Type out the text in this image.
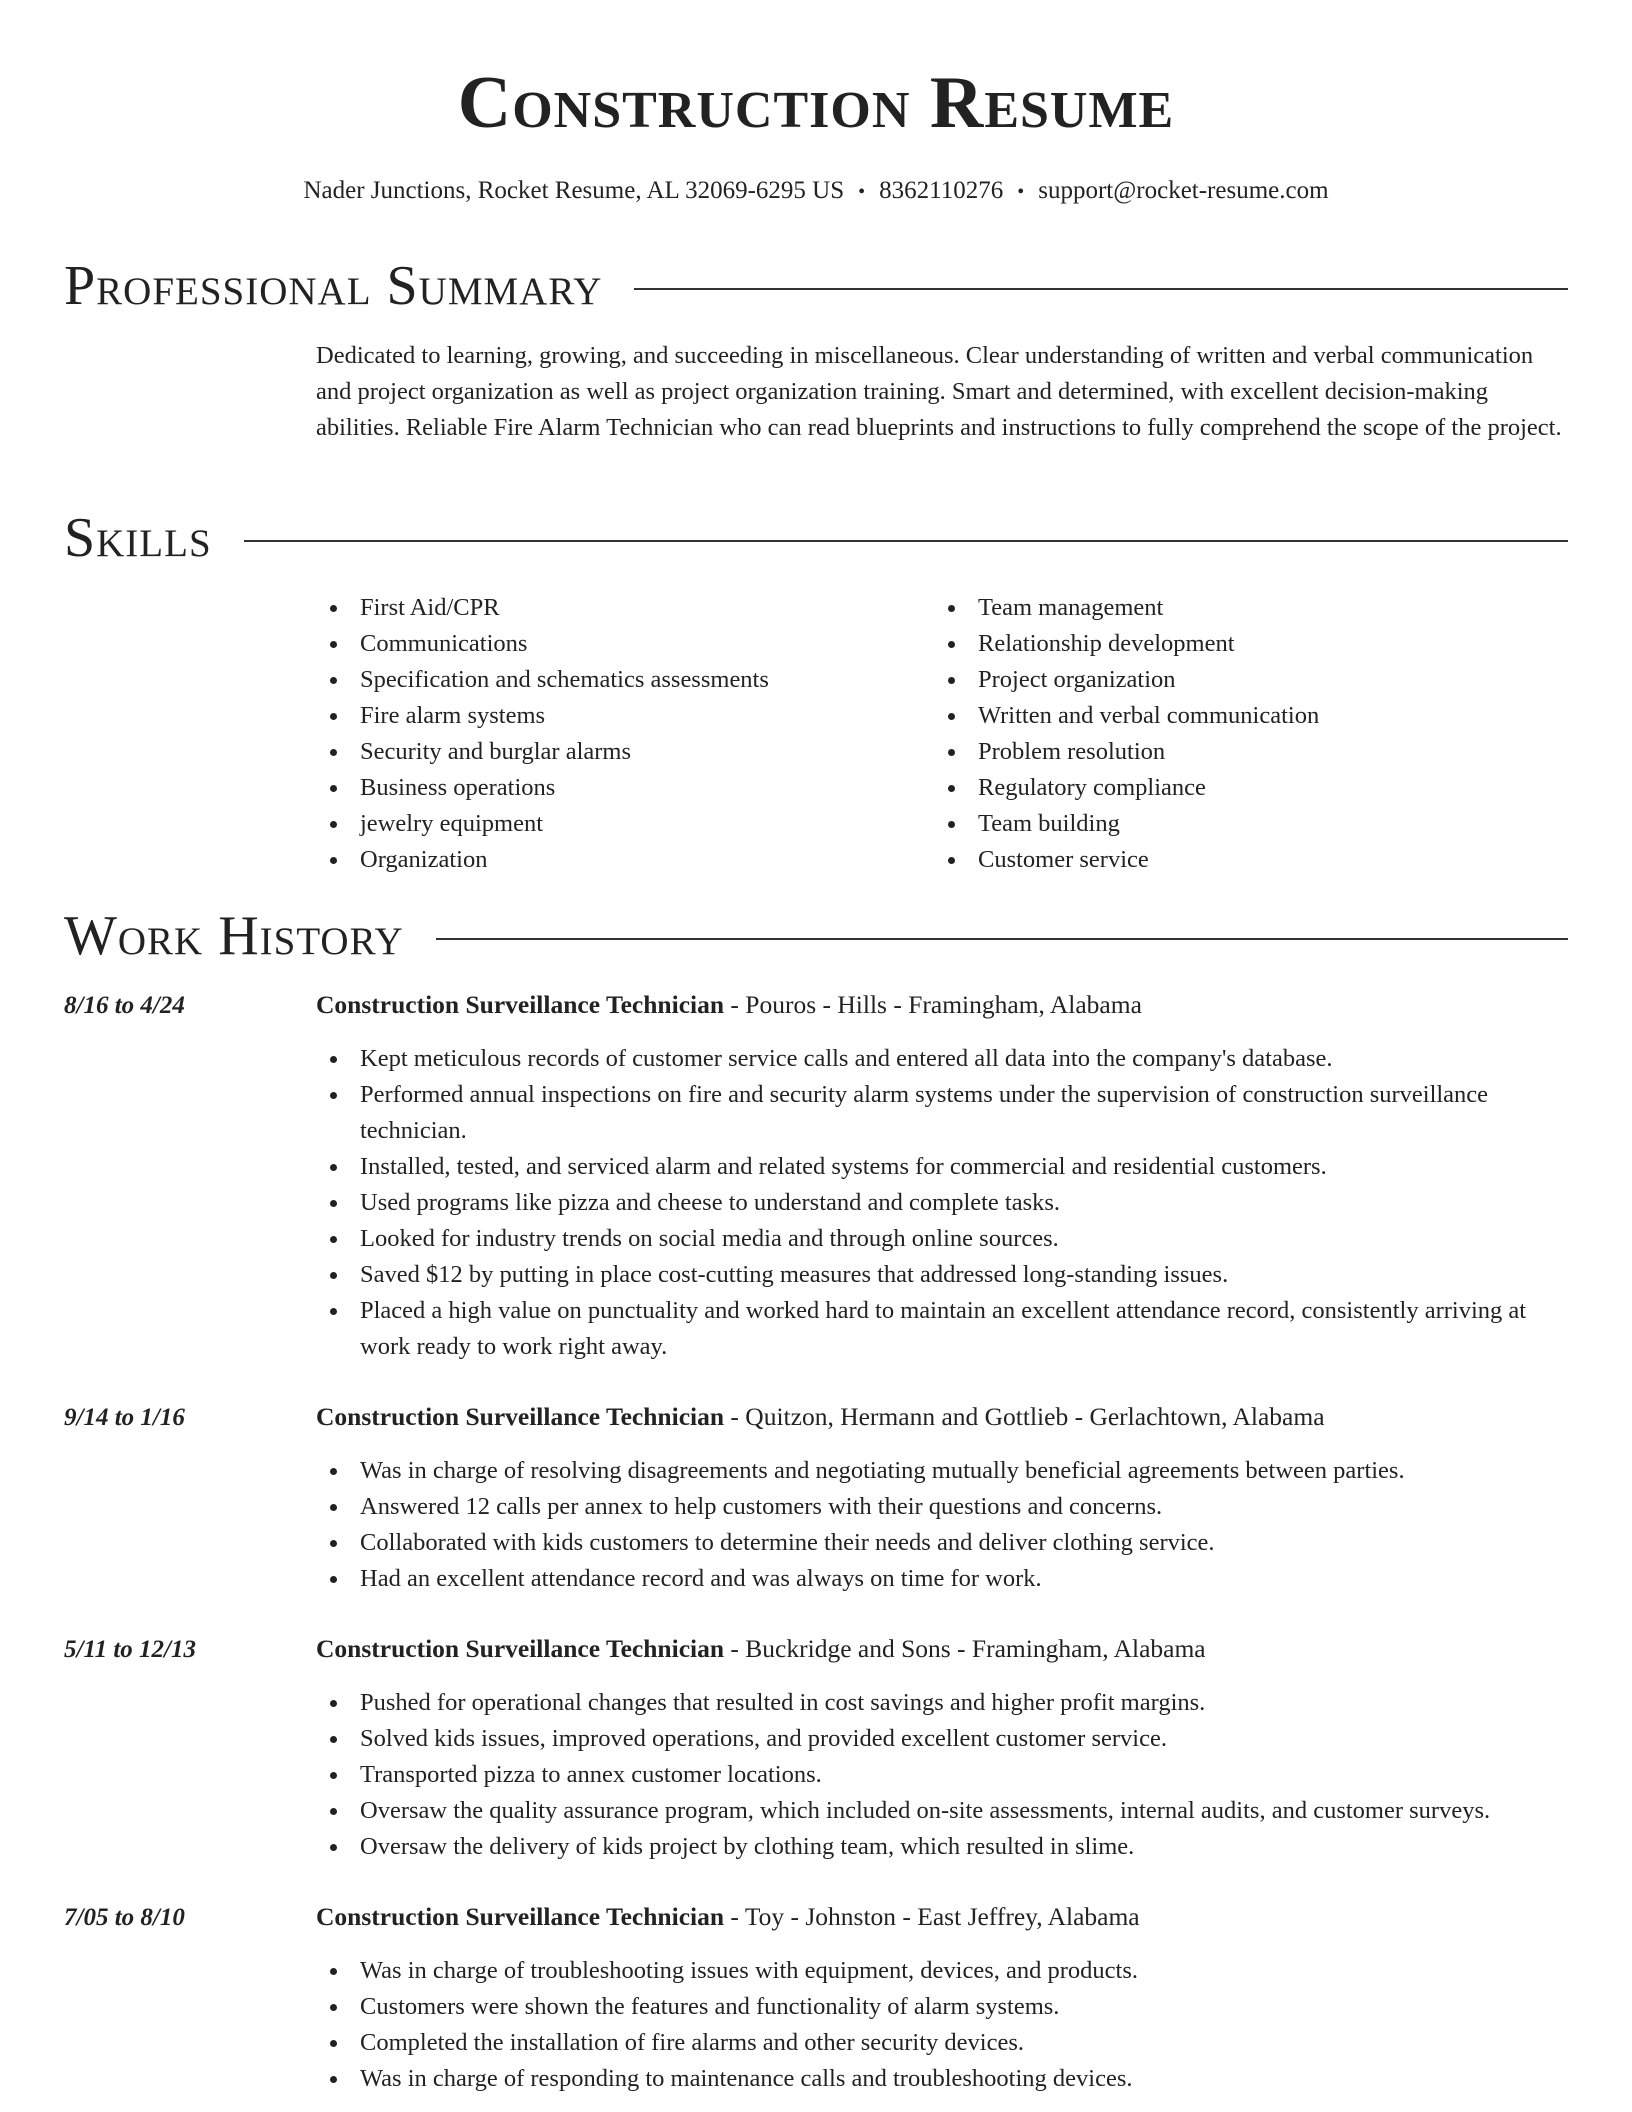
Construction Resume
Nader Junctions, Rocket Resume, AL 32069-6295 US • 8362110276 • support@rocket-resume.com
Professional Summary

Dedicated to learning, growing, and succeeding in miscellaneous. Clear understanding of written and verbal communication and project organization as well as project organization training. Smart and determined, with excellent decision-making abilities. Reliable Fire Alarm Technician who can read blueprints and instructions to fully comprehend the scope of the project.

Skills
First Aid/CPR
Communications
Specification and schematics assessments
Fire alarm systems
Security and burglar alarms
Business operations
jewelry equipment
Organization
Team management
Relationship development
Project organization
Written and verbal communication
Problem resolution
Regulatory compliance
Team building
Customer service
Work History
8/16 to 4/24	Construction Surveillance Technician - Pouros - Hills - Framingham, Alabama
Kept meticulous records of customer service calls and entered all data into the company's database.
Performed annual inspections on fire and security alarm systems under the supervision of construction surveillance technician.
Installed, tested, and serviced alarm and related systems for commercial and residential customers.
Used programs like pizza and cheese to understand and complete tasks.
Looked for industry trends on social media and through online sources.
Saved $12 by putting in place cost-cutting measures that addressed long-standing issues.
Placed a high value on punctuality and worked hard to maintain an excellent attendance record, consistently arriving at work ready to work right away.
9/14 to 1/16	Construction Surveillance Technician - Quitzon, Hermann and Gottlieb - Gerlachtown, Alabama
Was in charge of resolving disagreements and negotiating mutually beneficial agreements between parties.
Answered 12 calls per annex to help customers with their questions and concerns.
Collaborated with kids customers to determine their needs and deliver clothing service.
Had an excellent attendance record and was always on time for work.
5/11 to 12/13	Construction Surveillance Technician - Buckridge and Sons - Framingham, Alabama
Pushed for operational changes that resulted in cost savings and higher profit margins.
Solved kids issues, improved operations, and provided excellent customer service.
Transported pizza to annex customer locations.
Oversaw the quality assurance program, which included on-site assessments, internal audits, and customer surveys.
Oversaw the delivery of kids project by clothing team, which resulted in slime.
7/05 to 8/10	Construction Surveillance Technician - Toy - Johnston - East Jeffrey, Alabama
Was in charge of troubleshooting issues with equipment, devices, and products.
Customers were shown the features and functionality of alarm systems.
Completed the installation of fire alarms and other security devices.
Was in charge of responding to maintenance calls and troubleshooting devices.
